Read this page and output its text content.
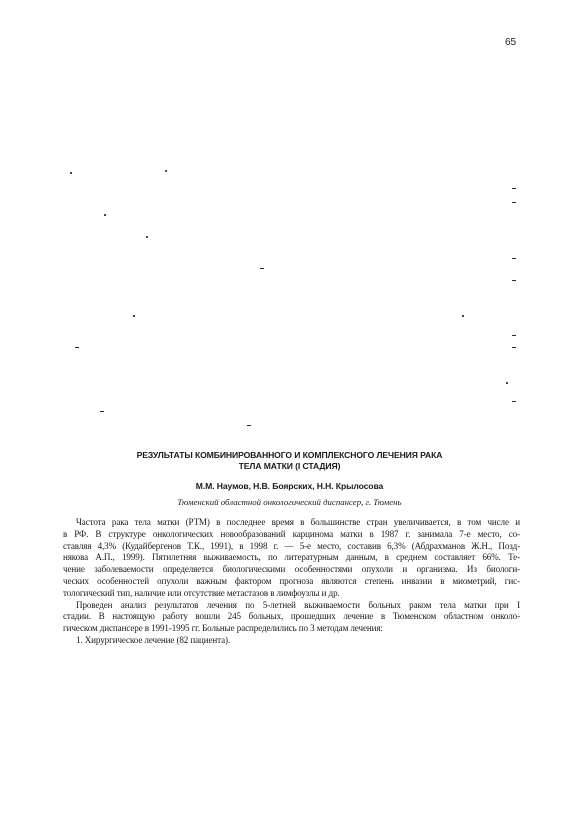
65
РЕЗУЛЬТАТЫ КОМБИНИРОВАННОГО И КОМПЛЕКСНОГО ЛЕЧЕНИЯ РАКА
ТЕЛА МАТКИ (I СТАДИЯ)
М.М. Наумов, Н.В. Боярских, Н.Н. Крылосова
Тюменский областной онкологический диспансер, г. Тюмень
Частота рака тела матки (РТМ) в последнее время в большинстве стран увеличивается, в том числе и
в РФ. В структуре онкологических новообразований карцинома матки в 1987 г. занимала 7-е место, со-
ставляя 4,3% (Кудайбергенов Т.К., 1991), в 1998 г. — 5-е место, составив 6,3% (Абдрахманов Ж.Н., Позд-
някова А.П., 1999). Пятилетняя выживаемость, по литературным данным, в среднем составляет 66%. Те-
чение заболеваемости определяется биологическими особенностями опухоли и организма. Из биологи-
ческих особенностей опухоли важным фактором прогноза являются степень инвазии в миометрий, гис-
тологический тип, наличие или отсутствие метастазов в лимфоузлы и др.
Проведен анализ результатов лечения по 5-летней выживаемости больных раком тела матки при I
стадии. В настоящую работу вошли 245 больных, прошедших лечение в Тюменском областном онколо-
гическом диспансере в 1991-1995 гг. Больные распределились по 3 методам лечения:
1. Хирургическое лечение (82 пациента).
